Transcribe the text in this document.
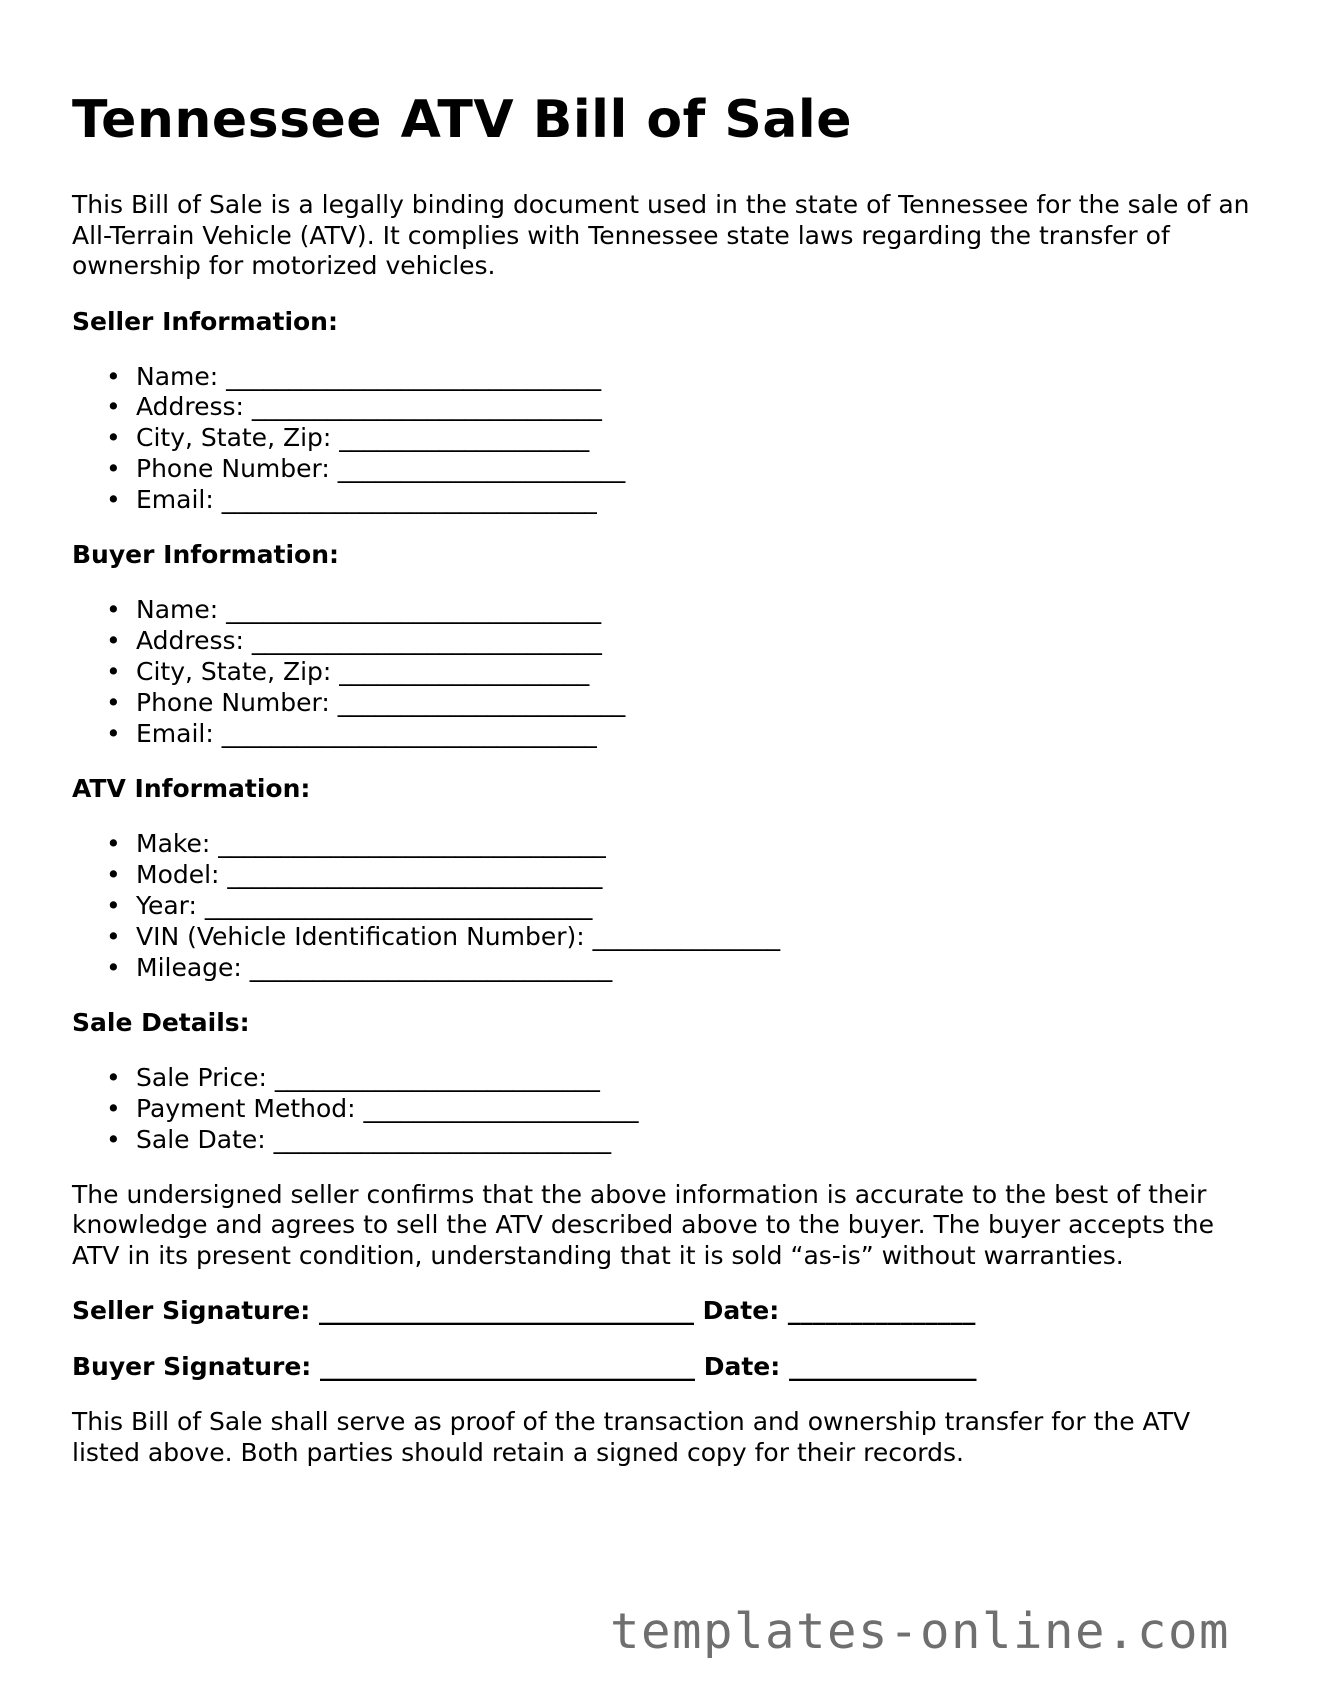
Tennessee ATV Bill of Sale

This Bill of Sale is a legally binding document used in the state of Tennessee for the sale of an All-Terrain Vehicle (ATV). It complies with Tennessee state laws regarding the transfer of ownership for motorized vehicles.

Seller Information:
• Name: ______________________________
• Address: ____________________________
• City, State, Zip: ____________________
• Phone Number: _______________________
• Email: ______________________________
Buyer Information:
• Name: ______________________________
• Address: ____________________________
• City, State, Zip: ____________________
• Phone Number: _______________________
• Email: ______________________________
ATV Information:
• Make: _______________________________
• Model: ______________________________
• Year: _______________________________
• VIN (Vehicle Identification Number): _______________
• Mileage: _____________________________
Sale Details:
• Sale Price: __________________________
• Payment Method: ______________________
• Sale Date: ___________________________

The undersigned seller confirms that the above information is accurate to the best of their knowledge and agrees to sell the ATV described above to the buyer. The buyer accepts the ATV in its present condition, understanding that it is sold “as-is” without warranties.

Seller Signature: ______________________________ Date: _______________
Buyer Signature: ______________________________ Date: _______________

This Bill of Sale shall serve as proof of the transaction and ownership transfer for the ATV listed above. Both parties should retain a signed copy for their records.

templates-online.com
